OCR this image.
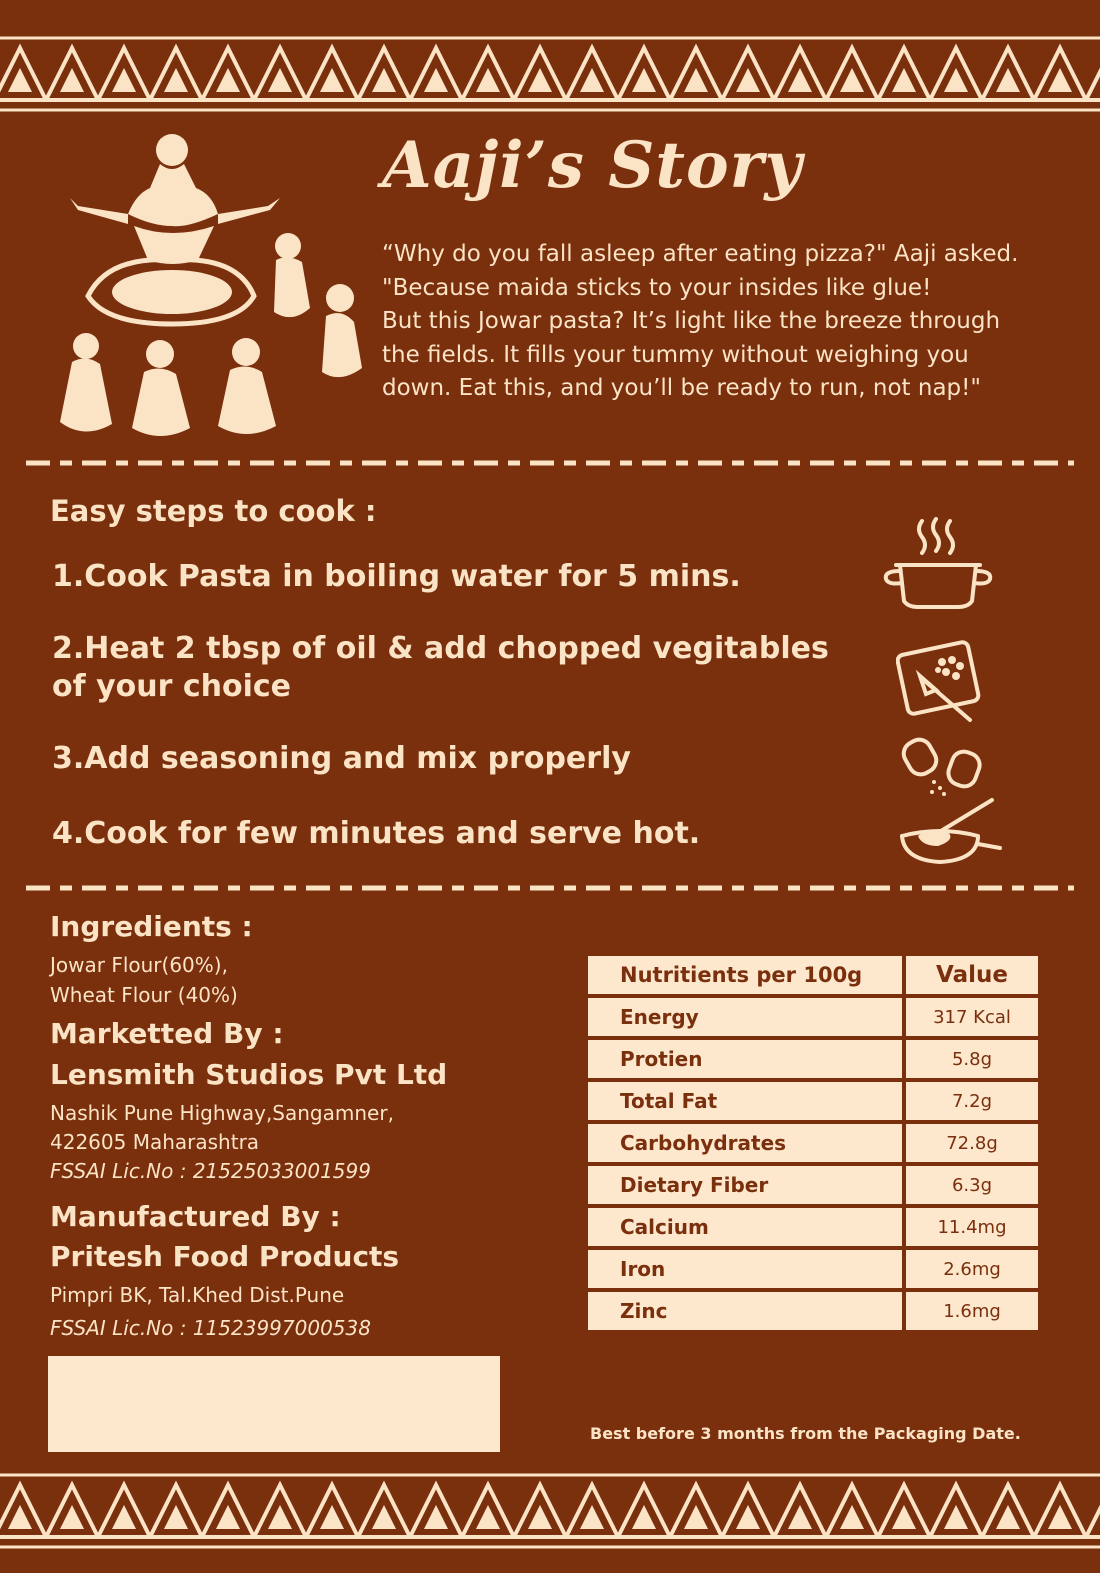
Aaji’s Story
“Why do you fall asleep after eating pizza?" Aaji asked.
"Because maida sticks to your insides like glue!
But this Jowar pasta? It’s light like the breeze through
the fields. It fills your tummy without weighing you
down. Eat this, and you’ll be ready to run, not nap!"
Easy steps to cook :
1.Cook Pasta in boiling water for 5 mins.
2.Heat 2 tbsp of oil & add chopped vegitables of your choice
3.Add seasoning and mix properly
4.Cook for few minutes and serve hot.
Ingredients :
Jowar Flour(60%),
Wheat Flour (40%)
Marketted By :
Lensmith Studios Pvt Ltd
Nashik Pune Highway,Sangamner,
422605 Maharashtra
FSSAI Lic.No : 21525033001599
Manufactured By :
Pritesh Food Products
Pimpri BK, Tal.Khed Dist.Pune
FSSAI Lic.No : 11523997000538
Nutritients per 100g	Value
Energy	317 Kcal
Protien	5.8g
Total Fat	7.2g
Carbohydrates	72.8g
Dietary Fiber	6.3g
Calcium	11.4mg
Iron	2.6mg
Zinc	1.6mg
Best before 3 months from the Packaging Date.
